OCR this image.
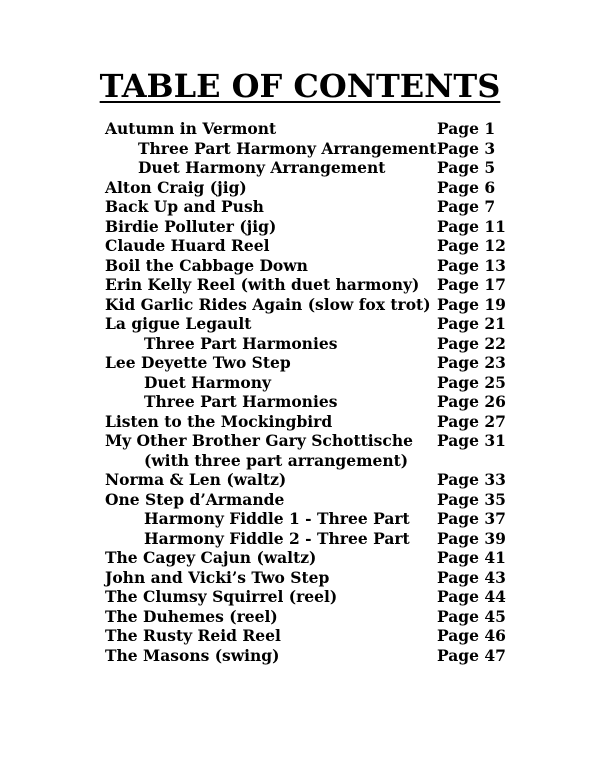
TABLE OF CONTENTS
Autumn in Vermont	Page 1
Three Part Harmony Arrangement Page 3
Duet Harmony Arrangement	Page 5
Alton Craig (jig)	Page 6
Back Up and Push	Page 7
Birdie Polluter (jig)	Page 11
Claude Huard Reel	Page 12
Boil the Cabbage Down	Page 13
Erin Kelly Reel (with duet harmony) Page 17
Kid Garlic Rides Again (slow fox trot) Page 19
La gigue Legault	Page 21
Three Part Harmonies	Page 22
Lee Deyette Two Step	Page 23
Duet Harmony	Page 25
Three Part Harmonies	Page 26
Listen to the Mockingbird	Page 27
My Other Brother Gary Schottische Page 31
(with three part arrangement)
Norma & Len (waltz)	Page 33
One Step d’Armande	Page 35
Harmony Fiddle 1 - Three Part Page 37
Harmony Fiddle 2 - Three Part Page 39
The Cagey Cajun (waltz)	Page 41
John and Vicki’s Two Step	Page 43
The Clumsy Squirrel (reel)	Page 44
The Duhemes (reel)	Page 45
The Rusty Reid Reel	Page 46
The Masons (swing)	Page 47
